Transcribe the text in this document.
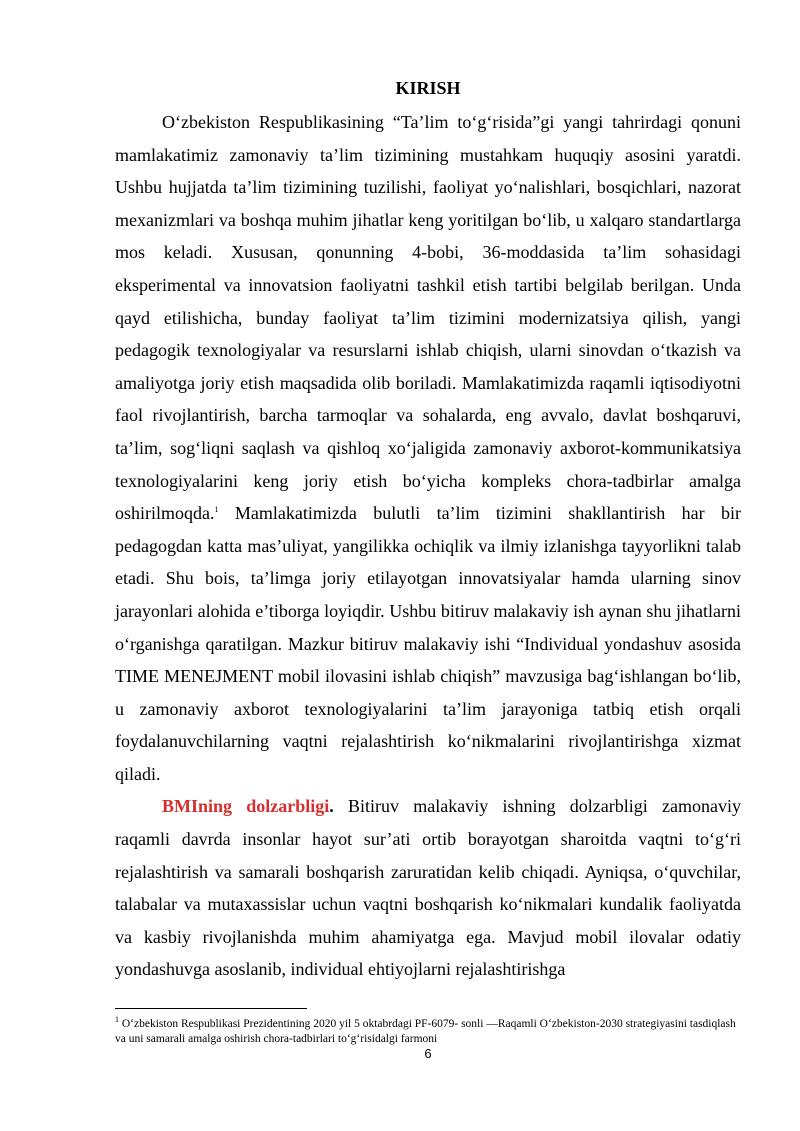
KIRISH

O‘zbekiston Respublikasining “Ta’lim to‘g‘risida”gi yangi tahrirdagi qonuni mamlakatimiz zamonaviy ta’lim tizimining mustahkam huquqiy asosini yaratdi. Ushbu hujjatda ta’lim tizimining tuzilishi, faoliyat yo‘nalishlari, bosqichlari, nazorat mexanizmlari va boshqa muhim jihatlar keng yoritilgan bo‘lib, u xalqaro standartlarga mos keladi. Xususan, qonunning 4-bobi, 36-moddasida ta’lim sohasidagi eksperimental va innovatsion faoliyatni tashkil etish tartibi belgilab berilgan. Unda qayd etilishicha, bunday faoliyat ta’lim tizimini modernizatsiya qilish, yangi pedagogik texnologiyalar va resurslarni ishlab chiqish, ularni sinovdan o‘tkazish va amaliyotga joriy etish maqsadida olib boriladi. Mamlakatimizda raqamli iqtisodiyotni faol rivojlantirish, barcha tarmoqlar va sohalarda, eng avvalo, davlat boshqaruvi, ta’lim, sog‘liqni saqlash va qishloq xo‘jaligida zamonaviy axborot-kommunikatsiya texnologiyalarini keng joriy etish bo‘yicha kompleks chora-tadbirlar amalga oshirilmoqda.$^1$ Mamlakatimizda bulutli ta’lim tizimini shakllantirish har bir pedagogdan katta mas’uliyat, yangilikka ochiqlik va ilmiy izlanishga tayyorlikni talab etadi. Shu bois, ta’limga joriy etilayotgan innovatsiyalar hamda ularning sinov jarayonlari alohida e’tiborga loyiqdir. Ushbu bitiruv malakaviy ish aynan shu jihatlarni o‘rganishga qaratilgan. Mazkur bitiruv malakaviy ishi “Individual yondashuv asosida TIME MENEJMENT mobil ilovasini ishlab chiqish” mavzusiga bag‘ishlangan bo‘lib, u zamonaviy axborot texnologiyalarini ta’lim jarayoniga tatbiq etish orqali foydalanuvchilarning vaqtni rejalashtirish ko‘nikmalarini rivojlantirishga xizmat qiladi.

BMIning dolzarbligi. Bitiruv malakaviy ishning dolzarbligi zamonaviy raqamli davrda insonlar hayot sur’ati ortib borayotgan sharoitda vaqtni to‘g‘ri rejalashtirish va samarali boshqarish zaruratidan kelib chiqadi. Ayniqsa, o‘quvchilar, talabalar va mutaxassislar uchun vaqtni boshqarish ko‘nikmalari kundalik faoliyatda va kasbiy rivojlanishda muhim ahamiyatga ega. Mavjud mobil ilovalar odatiy yondashuvga asoslanib, individual ehtiyojlarni rejalashtirishga

$^1$ O‘zbekiston Respublikasi Prezidentining 2020 yil 5 oktabrdagi PF-6079- sonli —Raqamli O‘zbekiston-2030 strategiyasini tasdiqlash va uni samarali amalga oshirish chora-tadbirlari to‘g‘risidalgi farmoni
6
